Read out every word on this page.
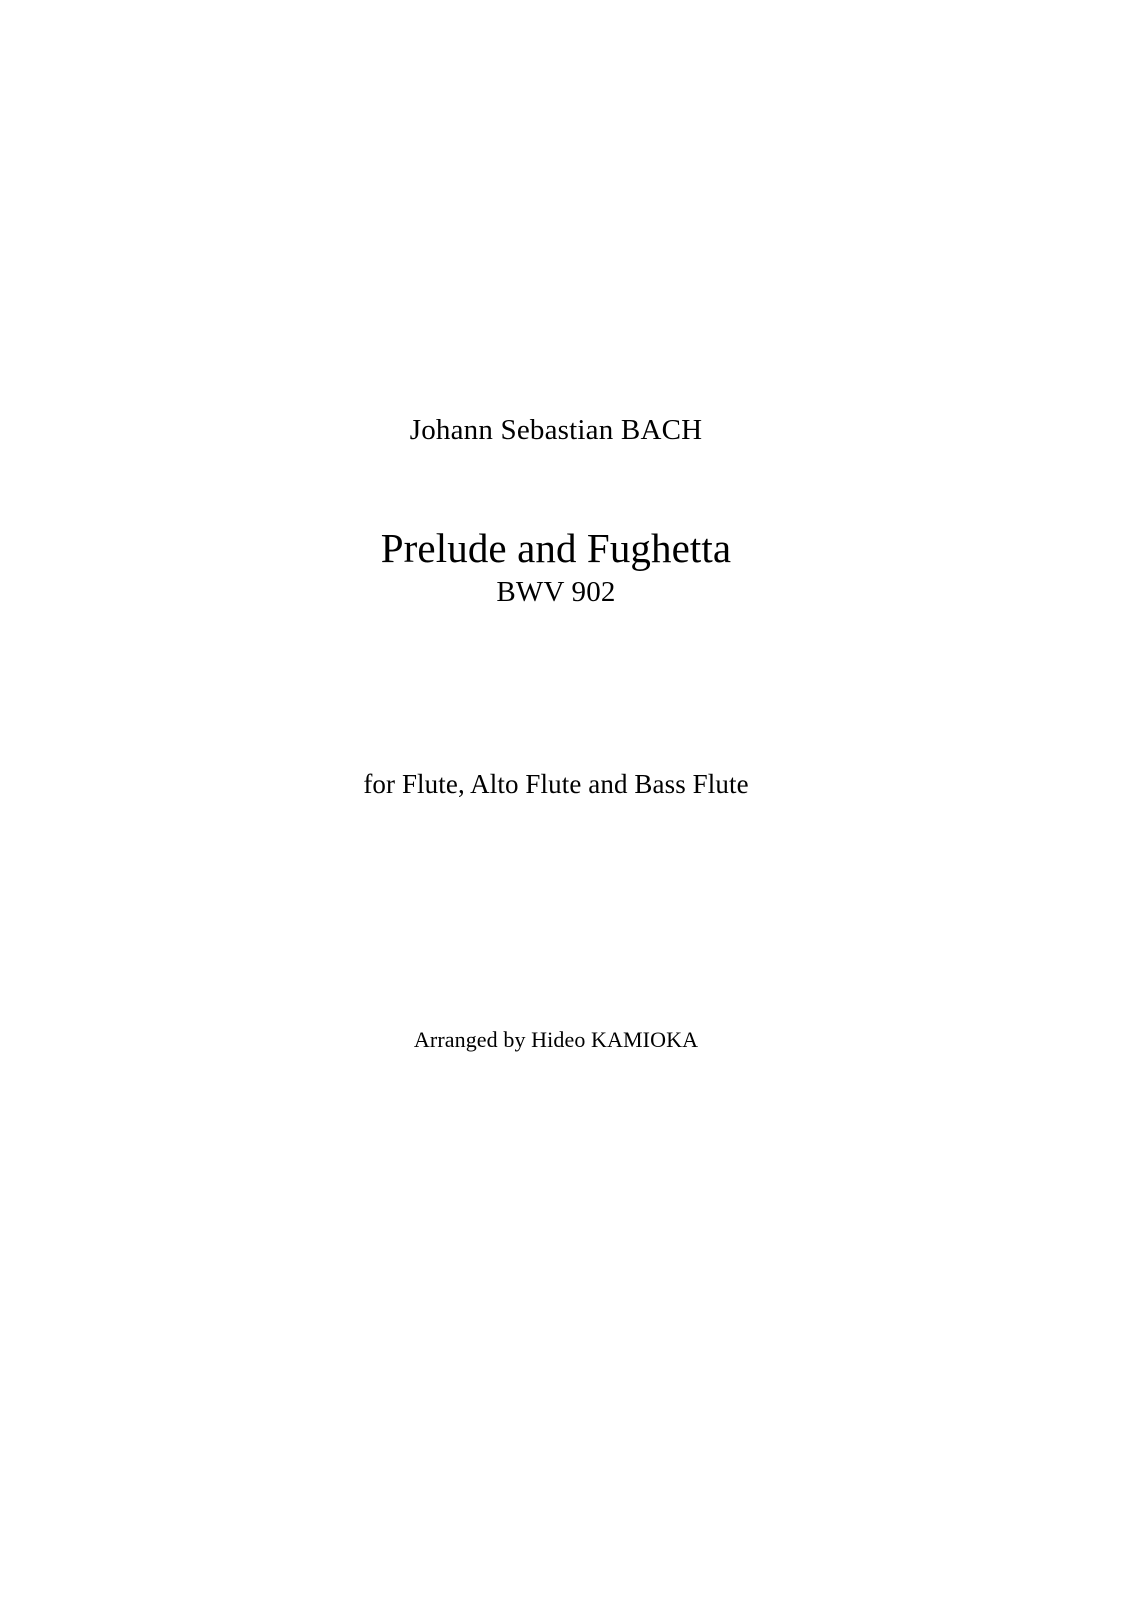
Johann Sebastian BACH
Prelude and Fughetta
BWV 902
for Flute, Alto Flute and Bass Flute
Arranged by Hideo KAMIOKA
